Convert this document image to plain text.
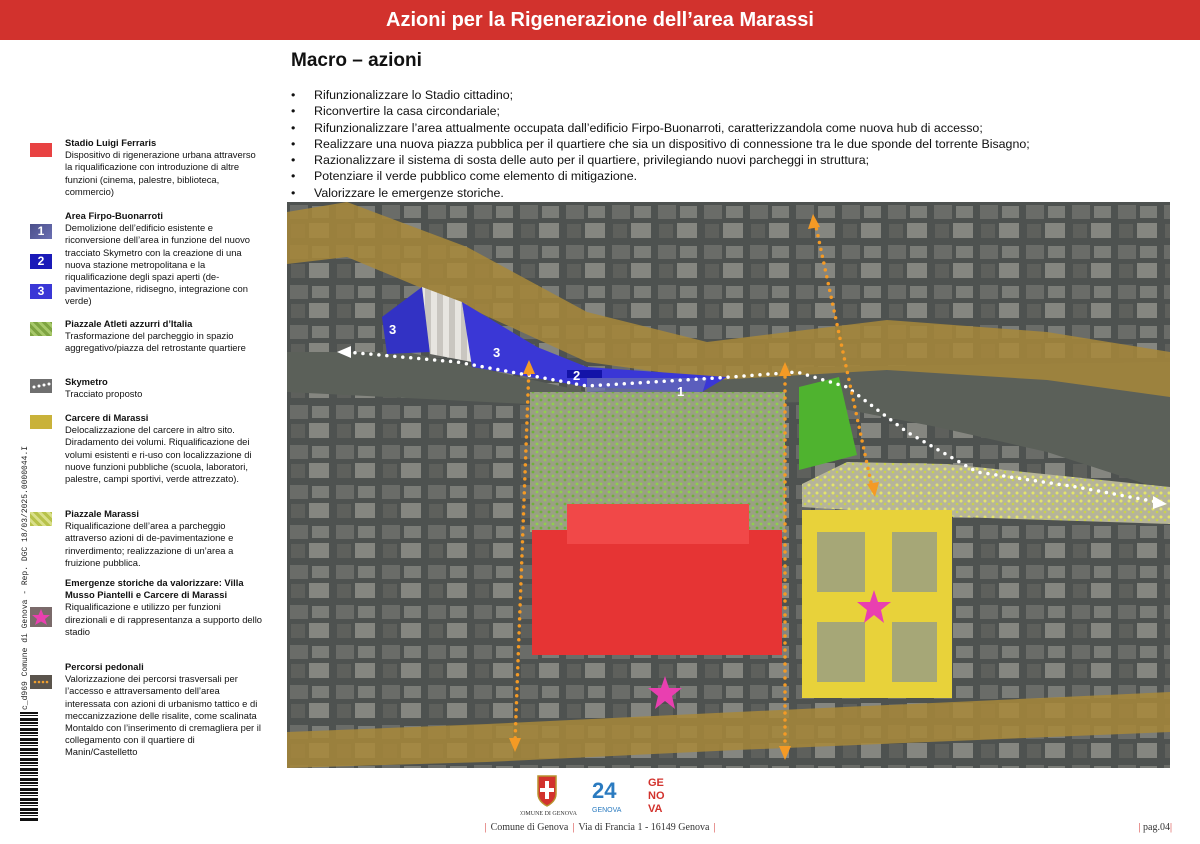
Azioni per la Rigenerazione dell’area Marassi
c_d969 Comune di Genova - Rep. DGC 18/03/2025.0000044.I
Stadio Luigi Ferraris
Dispositivo di rigenerazione urbana attraverso la riqualificazione con introduzione di altre funzioni (cinema, palestre, biblioteca, commercio)
1
2
3
Area Firpo-Buonarroti
Demolizione dell’edificio esistente e riconversione dell’area in funzione del nuovo tracciato Skymetro con la creazione di una nuova stazione metropolitana e la riqualificazione degli spazi aperti (de-pavimentazione, ridisegno, integrazione con verde)
Piazzale Atleti azzurri d’Italia
Trasformazione del parcheggio in spazio aggregativo/piazza del retrostante quartiere
Skymetro
Tracciato proposto
Carcere di Marassi
Delocalizzazione del carcere in altro sito. Diradamento dei volumi. Riqualificazione dei volumi esistenti e ri-uso con localizzazione di nuove funzioni pubbliche (scuola, laboratori, palestre, campi sportivi, verde attrezzato).
Piazzale Marassi
Riqualificazione dell’area a parcheggio attraverso azioni di de-pavimentazione e rinverdimento; realizzazione di un’area a fruizione pubblica.
Emergenze storiche da valorizzare: Villa Musso Piantelli e Carcere di Marassi
Riqualificazione e utilizzo per funzioni direzionali e di rappresentanza a supporto dello stadio
Percorsi pedonali
Valorizzazione dei percorsi trasversali per l’accesso e attraversamento dell’area interessata con azioni di urbanismo tattico e di meccanizzazione delle risalite, come scalinata Montaldo con l’inserimento di cremagliera per il collegamento con il quartiere di Manin/Castelletto
Macro – azioni
• Rifunzionalizzare lo Stadio cittadino;
• Riconvertire la casa circondariale;
• Rifunzionalizzare l’area attualmente occupata dall’edificio Firpo-Buonarroti, caratterizzandola come nuova hub di accesso;
• Realizzare una nuova piazza pubblica per il quartiere che sia un dispositivo di connessione tra le due sponde del torrente Bisagno;
• Razionalizzare il sistema di sosta delle auto per il quartiere, privilegiando nuovi parcheggi in struttura;
• Potenziare il verde pubblico come elemento di mitigazione.
• Valorizzare le emergenze storiche.
3
3
2
1
COMUNE DI GENOVA
24
GENOVA
GE
NO
VA
| Comune di Genova | Via di Francia 1 - 16149 Genova |	| pag.04|
